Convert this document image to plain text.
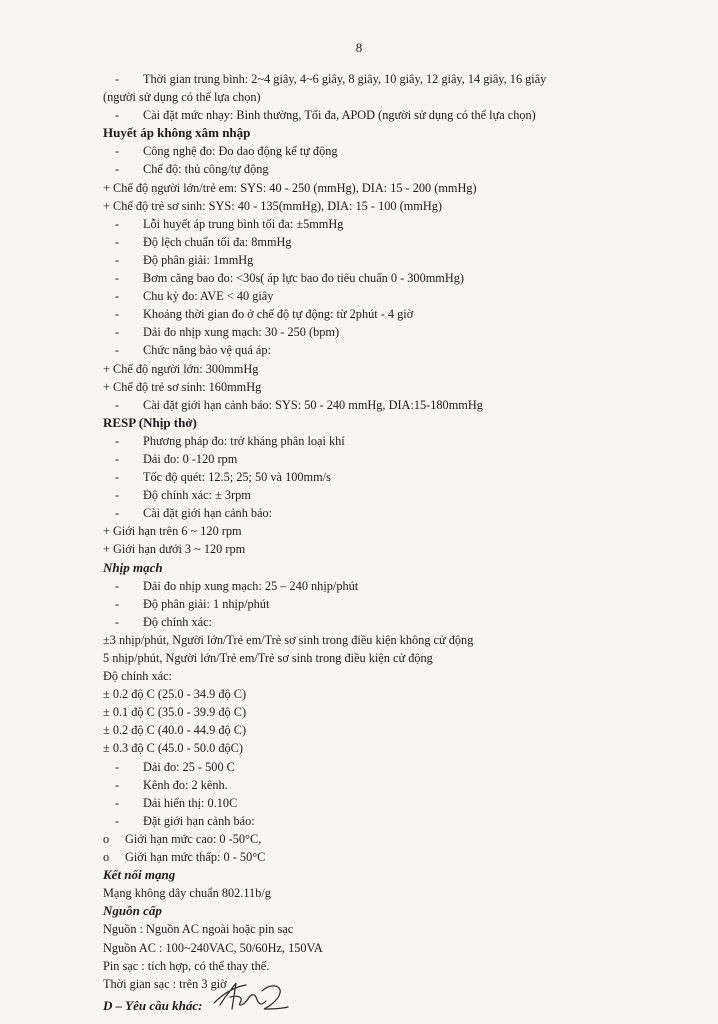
8
- Thời gian trung bình: 2~4 giây, 4~6 giây, 8 giây, 10 giây, 12 giây, 14 giây, 16 giây
(người sử dụng có thể lựa chọn)
- Cài đặt mức nhạy: Bình thường, Tối đa, APOD (người sử dụng có thể lựa chọn)
Huyết áp không xâm nhập
- Công nghệ đo: Đo dao động kế tự động
- Chế độ: thủ công/tự động
+ Chế độ người lớn/trẻ em: SYS: 40 - 250 (mmHg), DIA: 15 - 200 (mmHg)
+ Chế độ trẻ sơ sinh: SYS: 40 - 135(mmHg), DIA: 15 - 100 (mmHg)
- Lỗi huyết áp trung bình tối đa: ±5mmHg
- Độ lệch chuẩn tối đa: 8mmHg
- Độ phân giải: 1mmHg
- Bơm căng bao đo: <30s( áp lực bao đo tiêu chuẩn 0 - 300mmHg)
- Chu kỳ đo: AVE < 40 giây
- Khoảng thời gian đo ở chế độ tự động: từ 2phút - 4 giờ
- Dải đo nhịp xung mạch: 30 - 250 (bpm)
- Chức năng bảo vệ quá áp:
+ Chế độ người lớn: 300mmHg
+ Chế độ trẻ sơ sinh: 160mmHg
- Cài đặt giới hạn cảnh báo: SYS: 50 - 240 mmHg, DIA:15-180mmHg
RESP (Nhịp thở)
- Phương pháp đo: trở kháng phân loại khí
- Dải đo: 0 -120 rpm
- Tốc độ quét: 12.5; 25; 50 và 100mm/s
- Độ chính xác: ± 3rpm
- Cài đặt giới hạn cảnh báo:
+ Giới hạn trên 6 ~ 120 rpm
+ Giới hạn dưới 3 ~ 120 rpm
Nhịp mạch
- Dải đo nhịp xung mạch: 25 – 240 nhịp/phút
- Độ phân giải: 1 nhịp/phút
- Độ chính xác:
±3 nhịp/phút, Người lớn/Trẻ em/Trẻ sơ sinh trong điều kiện không cử động
5 nhịp/phút, Người lớn/Trẻ em/Trẻ sơ sinh trong điều kiện cử động
Độ chính xác:
± 0.2 độ C (25.0 - 34.9 độ C)
± 0.1 độ C (35.0 - 39.9 độ C)
± 0.2 độ C (40.0 - 44.9 độ C)
± 0.3 độ C (45.0 - 50.0 độC)
- Dải đo: 25 - 500 C
- Kênh đo: 2 kênh.
- Dải hiển thị: 0.10C
- Đặt giới hạn cảnh báo:
o Giới hạn mức cao: 0 -50°C,
o Giới hạn mức thấp: 0 - 50°C
Kết nối mạng
Mạng không dây chuẩn 802.11b/g
Nguồn cấp
Nguồn : Nguồn AC ngoài hoặc pin sạc
Nguồn AC : 100~240VAC, 50/60Hz, 150VA
Pin sạc : tích hợp, có thể thay thế.
Thời gian sạc : trên 3 giờ
D – Yêu cầu khác:
